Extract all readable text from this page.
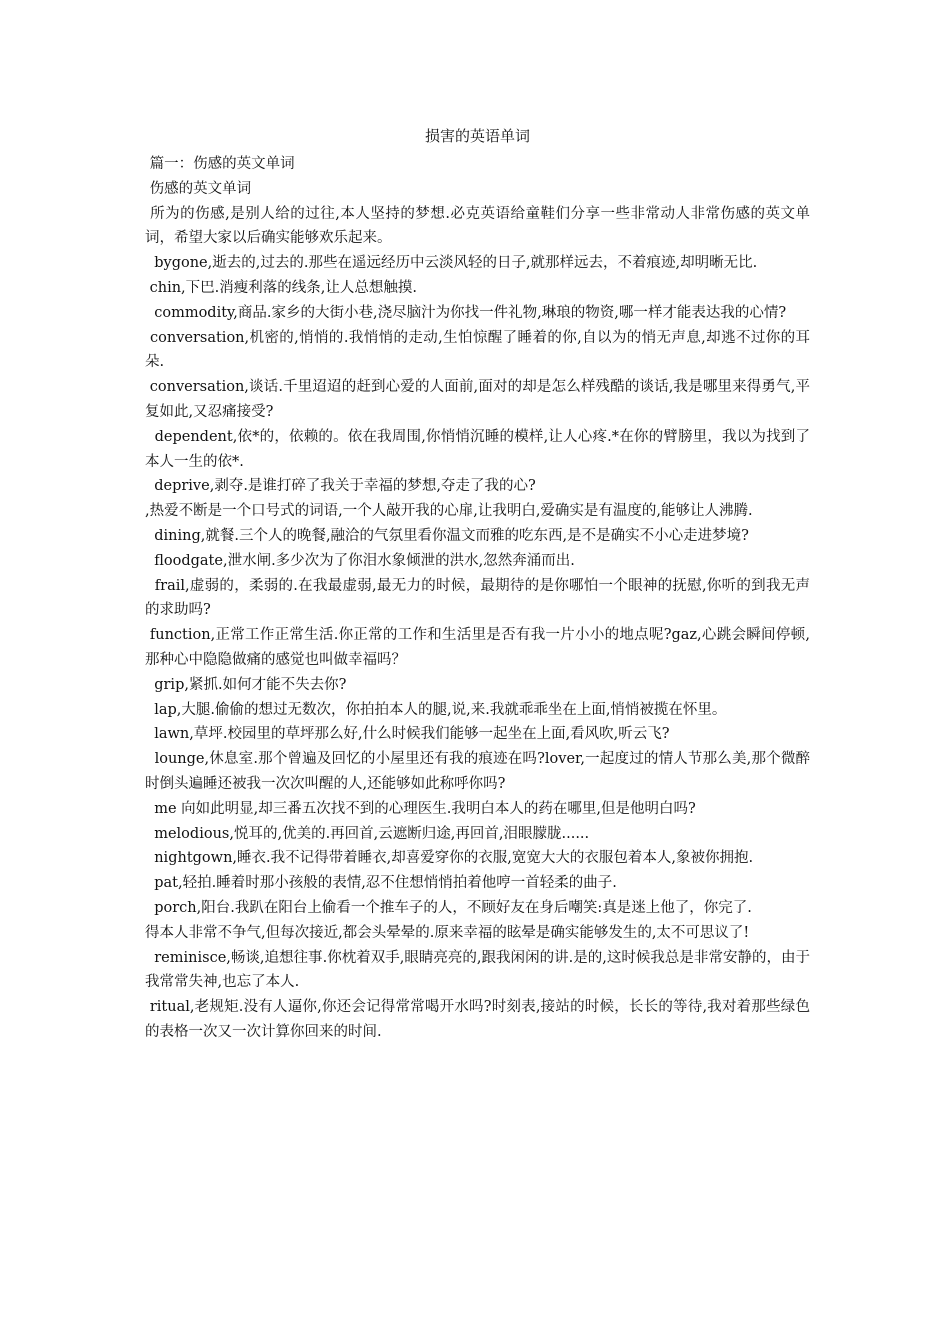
损害的英语单词

篇一：伤感的英文单词

伤感的英文单词

所为的伤感,是别人给的过往,本人坚持的梦想.必克英语给童鞋们分享一些非常动人非常伤感的英文单词，希望大家以后确实能够欢乐起来。

bygone,逝去的,过去的.那些在遥远经历中云淡风轻的日子,就那样远去，不着痕迹,却明晰无比.

chin,下巴.消瘦利落的线条,让人总想触摸.

commodity,商品.家乡的大街小巷,浇尽脑汁为你找一件礼物,琳琅的物资,哪一样才能表达我的心情?

conversation,机密的,悄悄的.我悄悄的走动,生怕惊醒了睡着的你,自以为的悄无声息,却逃不过你的耳朵.

conversation,谈话.千里迢迢的赶到心爱的人面前,面对的却是怎么样残酷的谈话,我是哪里来得勇气,平复如此,又忍痛接受?

dependent,依*的，依赖的。依在我周围,你悄悄沉睡的模样,让人心疼.*在你的臂膀里，我以为找到了本人一生的依*.

deprive,剥夺.是谁打碎了我关于幸福的梦想,夺走了我的心?

,热爱不断是一个口号式的词语,一个人敲开我的心扉,让我明白,爱确实是有温度的,能够让人沸腾.

dining,就餐.三个人的晚餐,融洽的气氛里看你温文而雅的吃东西,是不是确实不小心走进梦境?

floodgate,泄水闸.多少次为了你泪水象倾泄的洪水,忽然奔涌而出.

frail,虚弱的，柔弱的.在我最虚弱,最无力的时候，最期待的是你哪怕一个眼神的抚慰,你听的到我无声的求助吗?

function,正常工作正常生活.你正常的工作和生活里是否有我一片小小的地点呢?gaz,心跳会瞬间停顿,那种心中隐隐做痛的感觉也叫做幸福吗？

grip,紧抓.如何才能不失去你?

lap,大腿.偷偷的想过无数次，你拍拍本人的腿,说,来.我就乖乖坐在上面,悄悄被揽在怀里。

lawn,草坪.校园里的草坪那么好,什么时候我们能够一起坐在上面,看风吹,听云飞?

lounge,休息室.那个曾遍及回忆的小屋里还有我的痕迹在吗?lover,一起度过的情人节那么美,那个微醉时倒头遍睡还被我一次次叫醒的人,还能够如此称呼你吗?

me 向如此明显,却三番五次找不到的心理医生.我明白本人的药在哪里,但是他明白吗?

melodious,悦耳的,优美的.再回首,云遮断归途,再回首,泪眼朦胧......

nightgown,睡衣.我不记得带着睡衣,却喜爱穿你的衣服,宽宽大大的衣服包着本人,象被你拥抱.

pat,轻拍.睡着时那小孩般的表情,忍不住想悄悄拍着他哼一首轻柔的曲子.

porch,阳台.我趴在阳台上偷看一个推车子的人，不顾好友在身后嘲笑:真是迷上他了，你完了.

得本人非常不争气,但每次接近,都会头晕晕的.原来幸福的眩晕是确实能够发生的,太不可思议了!

reminisce,畅谈,追想往事.你枕着双手,眼睛亮亮的,跟我闲闲的讲.是的,这时候我总是非常安静的，由于我常常失神,也忘了本人.

ritual,老规矩.没有人逼你,你还会记得常常喝开水吗?时刻表,接站的时候，长长的等待,我对着那些绿色的表格一次又一次计算你回来的时间.
